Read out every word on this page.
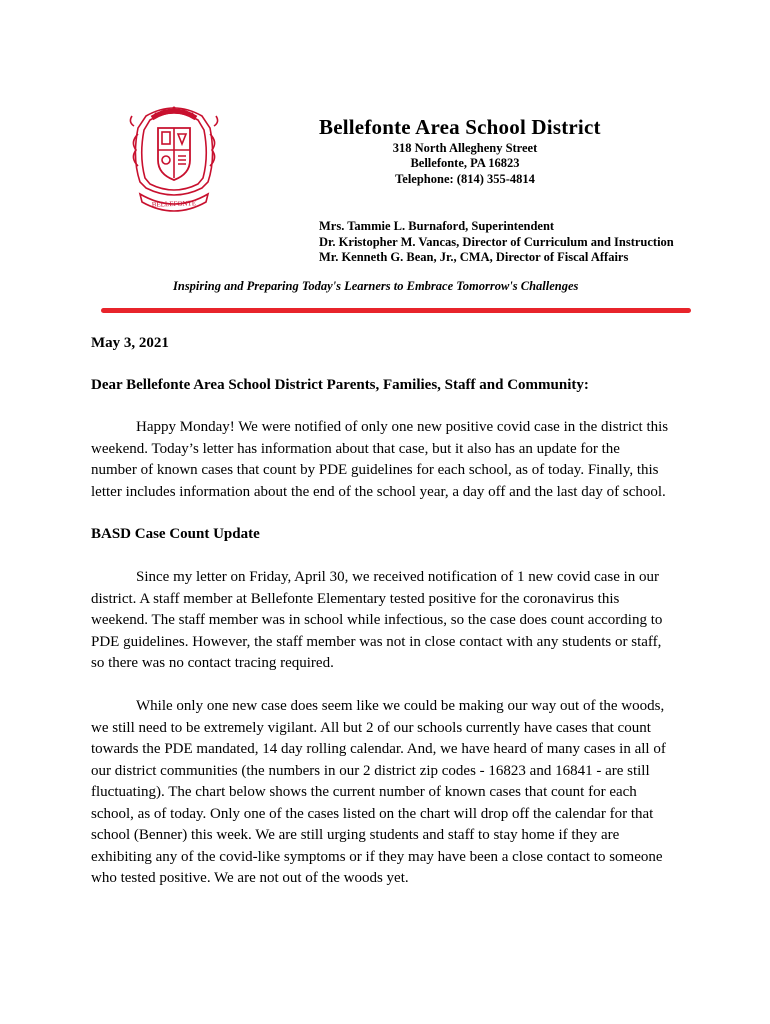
BELLEFONTE
Bellefonte Area School District
318 North Allegheny Street
Bellefonte, PA 16823
Telephone: (814) 355-4814
Mrs. Tammie L. Burnaford, Superintendent
Dr. Kristopher M. Vancas, Director of Curriculum and Instruction
Mr. Kenneth G. Bean, Jr., CMA, Director of Fiscal Affairs
Inspiring and Preparing Today's Learners to Embrace Tomorrow's Challenges
May 3, 2021
Dear Bellefonte Area School District Parents, Families, Staff and Community:
Happy Monday! We were notified of only one new positive covid case in the district this
weekend. Today’s letter has information about that case, but it also has an update for the
number of known cases that count by PDE guidelines for each school, as of today. Finally, this
letter includes information about the end of the school year, a day off and the last day of school.
BASD Case Count Update
Since my letter on Friday, April 30, we received notification of 1 new covid case in our
district. A staff member at Bellefonte Elementary tested positive for the coronavirus this
weekend. The staff member was in school while infectious, so the case does count according to
PDE guidelines. However, the staff member was not in close contact with any students or staff,
so there was no contact tracing required.
While only one new case does seem like we could be making our way out of the woods,
we still need to be extremely vigilant. All but 2 of our schools currently have cases that count
towards the PDE mandated, 14 day rolling calendar. And, we have heard of many cases in all of
our district communities (the numbers in our 2 district zip codes - 16823 and 16841 - are still
fluctuating). The chart below shows the current number of known cases that count for each
school, as of today. Only one of the cases listed on the chart will drop off the calendar for that
school (Benner) this week. We are still urging students and staff to stay home if they are
exhibiting any of the covid-like symptoms or if they may have been a close contact to someone
who tested positive. We are not out of the woods yet.
